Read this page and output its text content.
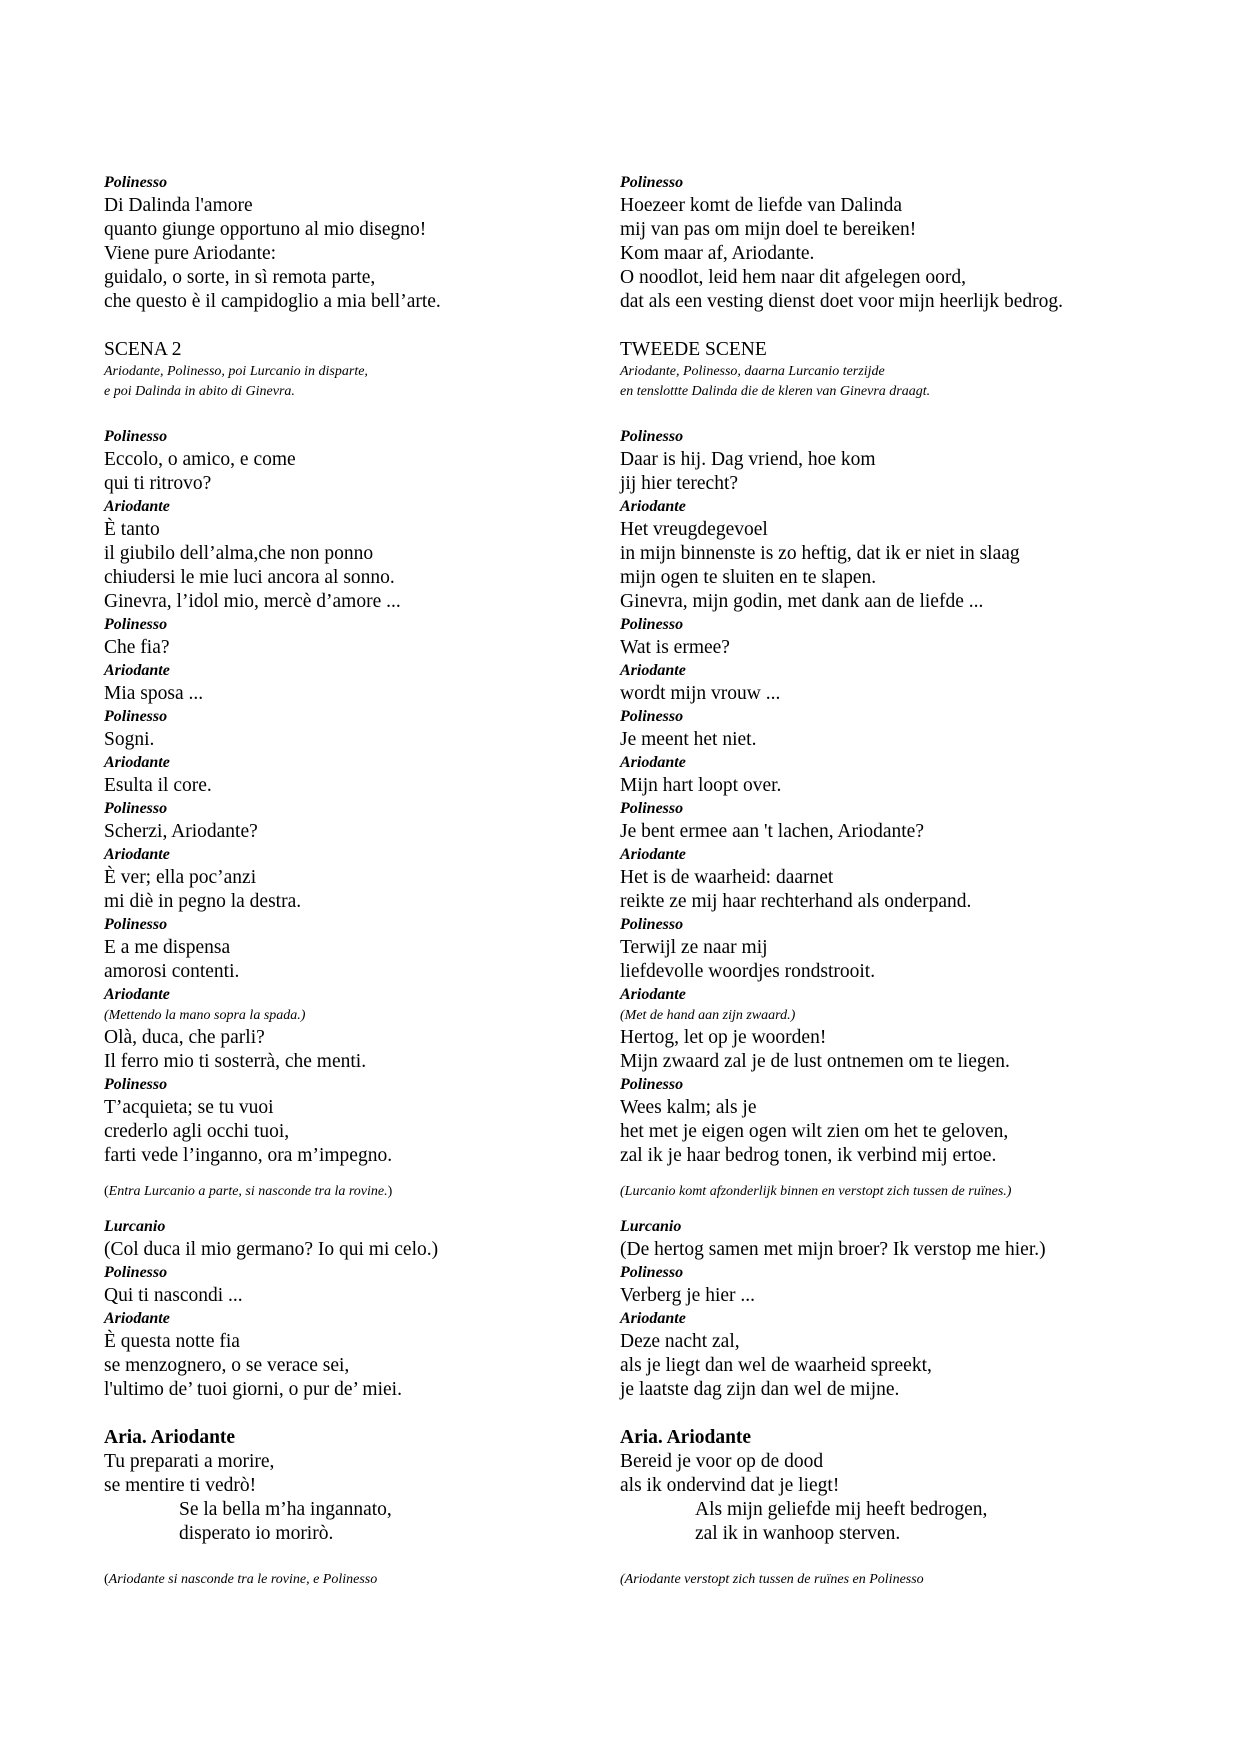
Polinesso

Di Dalinda l'amore

quanto giunge opportuno al mio disegno!

Viene pure Ariodante:

guidalo, o sorte, in sì remota parte,

che questo è il campidoglio a mia bell’arte.

SCENA 2

Ariodante, Polinesso, poi Lurcanio in disparte,

e poi Dalinda in abito di Ginevra.

Polinesso

Eccolo, o amico, e come

qui ti ritrovo?

Ariodante

È tanto

il giubilo dell’alma,che non ponno

chiudersi le mie luci ancora al sonno.

Ginevra, l’idol mio, mercè d’amore ...

Polinesso

Che fia?

Ariodante

Mia sposa ...

Polinesso

Sogni.

Ariodante

Esulta il core.

Polinesso

Scherzi, Ariodante?

Ariodante

È ver; ella poc’anzi

mi diè in pegno la destra.

Polinesso

E a me dispensa

amorosi contenti.

Ariodante

(Mettendo la mano sopra la spada.)

Olà, duca, che parli?

Il ferro mio ti sosterrà, che menti.

Polinesso

T’acquieta; se tu vuoi

crederlo agli occhi tuoi,

farti vede l’inganno, ora m’impegno.

(Entra Lurcanio a parte, si nasconde tra la rovine.)

Lurcanio

(Col duca il mio germano? Io qui mi celo.)

Polinesso

Qui ti nascondi ...

Ariodante

È questa notte fia

se menzognero, o se verace sei,

l'ultimo de’ tuoi giorni, o pur de’ miei.

Aria. Ariodante

Tu preparati a morire,

se mentire ti vedrò!

Se la bella m’ha ingannato,

disperato io morirò.

(Ariodante si nasconde tra le rovine, e Polinesso

Polinesso

Hoezeer komt de liefde van Dalinda

mij van pas om mijn doel te bereiken!

Kom maar af, Ariodante.

O noodlot, leid hem naar dit afgelegen oord,

dat als een vesting dienst doet voor mijn heerlijk bedrog.

TWEEDE SCENE

Ariodante, Polinesso, daarna Lurcanio terzijde

en tenslottte Dalinda die de kleren van Ginevra draagt.

Polinesso

Daar is hij. Dag vriend, hoe kom

jij hier terecht?

Ariodante

Het vreugdegevoel

in mijn binnenste is zo heftig, dat ik er niet in slaag

mijn ogen te sluiten en te slapen.

Ginevra, mijn godin, met dank aan de liefde ...

Polinesso

Wat is ermee?

Ariodante

wordt mijn vrouw ...

Polinesso

Je meent het niet.

Ariodante

Mijn hart loopt over.

Polinesso

Je bent ermee aan 't lachen, Ariodante?

Ariodante

Het is de waarheid: daarnet

reikte ze mij haar rechterhand als onderpand.

Polinesso

Terwijl ze naar mij

liefdevolle woordjes rondstrooit.

Ariodante

(Met de hand aan zijn zwaard.)

Hertog, let op je woorden!

Mijn zwaard zal je de lust ontnemen om te liegen.

Polinesso

Wees kalm; als je

het met je eigen ogen wilt zien om het te geloven,

zal ik je haar bedrog tonen, ik verbind mij ertoe.

(Lurcanio komt afzonderlijk binnen en verstopt zich tussen de ruïnes.)

Lurcanio

(De hertog samen met mijn broer? Ik verstop me hier.)

Polinesso

Verberg je hier ...

Ariodante

Deze nacht zal,

als je liegt dan wel de waarheid spreekt,

je laatste dag zijn dan wel de mijne.

Aria. Ariodante

Bereid je voor op de dood

als ik ondervind dat je liegt!

Als mijn geliefde mij heeft bedrogen,

zal ik in wanhoop sterven.

(Ariodante verstopt zich tussen de ruïnes en Polinesso
